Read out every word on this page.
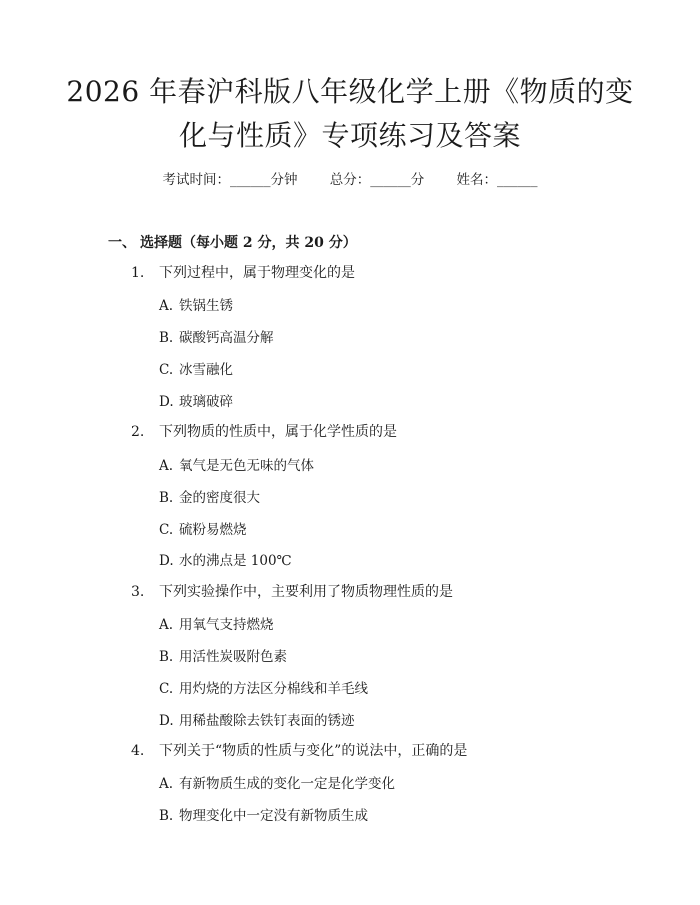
2026 年春沪科版八年级化学上册《物质的变化与性质》专项练习及答案
考试时间：______分钟 总分：______分 姓名：______
一、 选择题（每小题 2 分，共 20 分）
1. 下列过程中，属于物理变化的是
A. 铁锅生锈
B. 碳酸钙高温分解
C. 冰雪融化
D. 玻璃破碎
2. 下列物质的性质中，属于化学性质的是
A. 氧气是无色无味的气体
B. 金的密度很大
C. 硫粉易燃烧
D. 水的沸点是 100℃
3. 下列实验操作中，主要利用了物质物理性质的是
A. 用氧气支持燃烧
B. 用活性炭吸附色素
C. 用灼烧的方法区分棉线和羊毛线
D. 用稀盐酸除去铁钉表面的锈迹
4. 下列关于“物质的性质与变化”的说法中，正确的是
A. 有新物质生成的变化一定是化学变化
B. 物理变化中一定没有新物质生成
